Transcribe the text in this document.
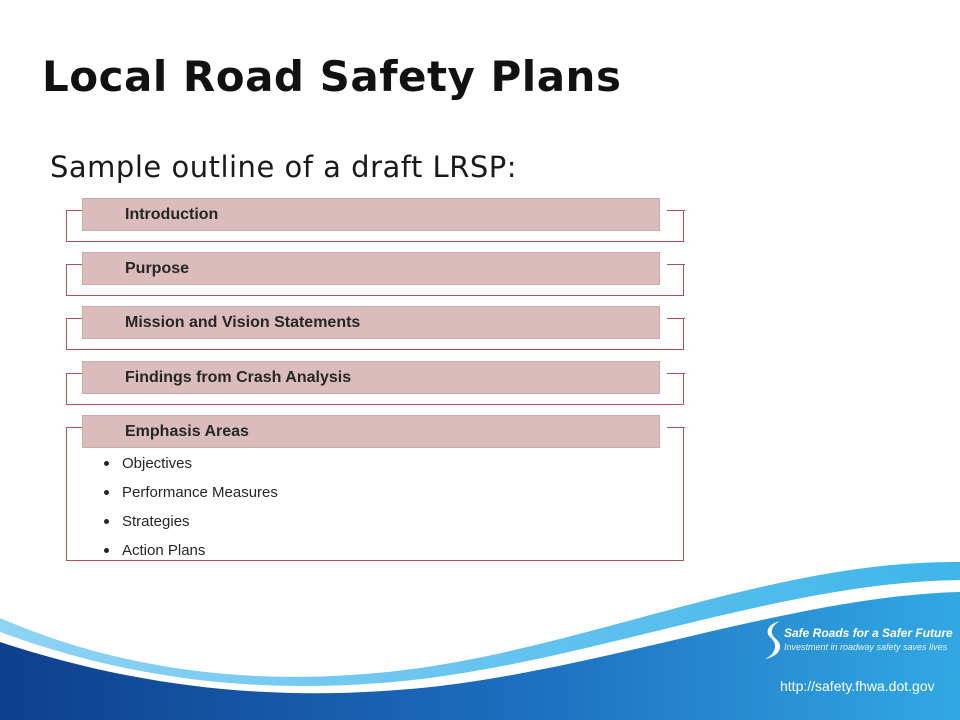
Local Road Safety Plans
Sample outline of a draft LRSP:
Introduction
Purpose
Mission and Vision Statements
Findings from Crash Analysis
Emphasis Areas
Objectives
Performance Measures
Strategies
Action Plans
Safe Roads for a Safer Future
Investment in roadway safety saves lives
http://safety.fhwa.dot.gov
